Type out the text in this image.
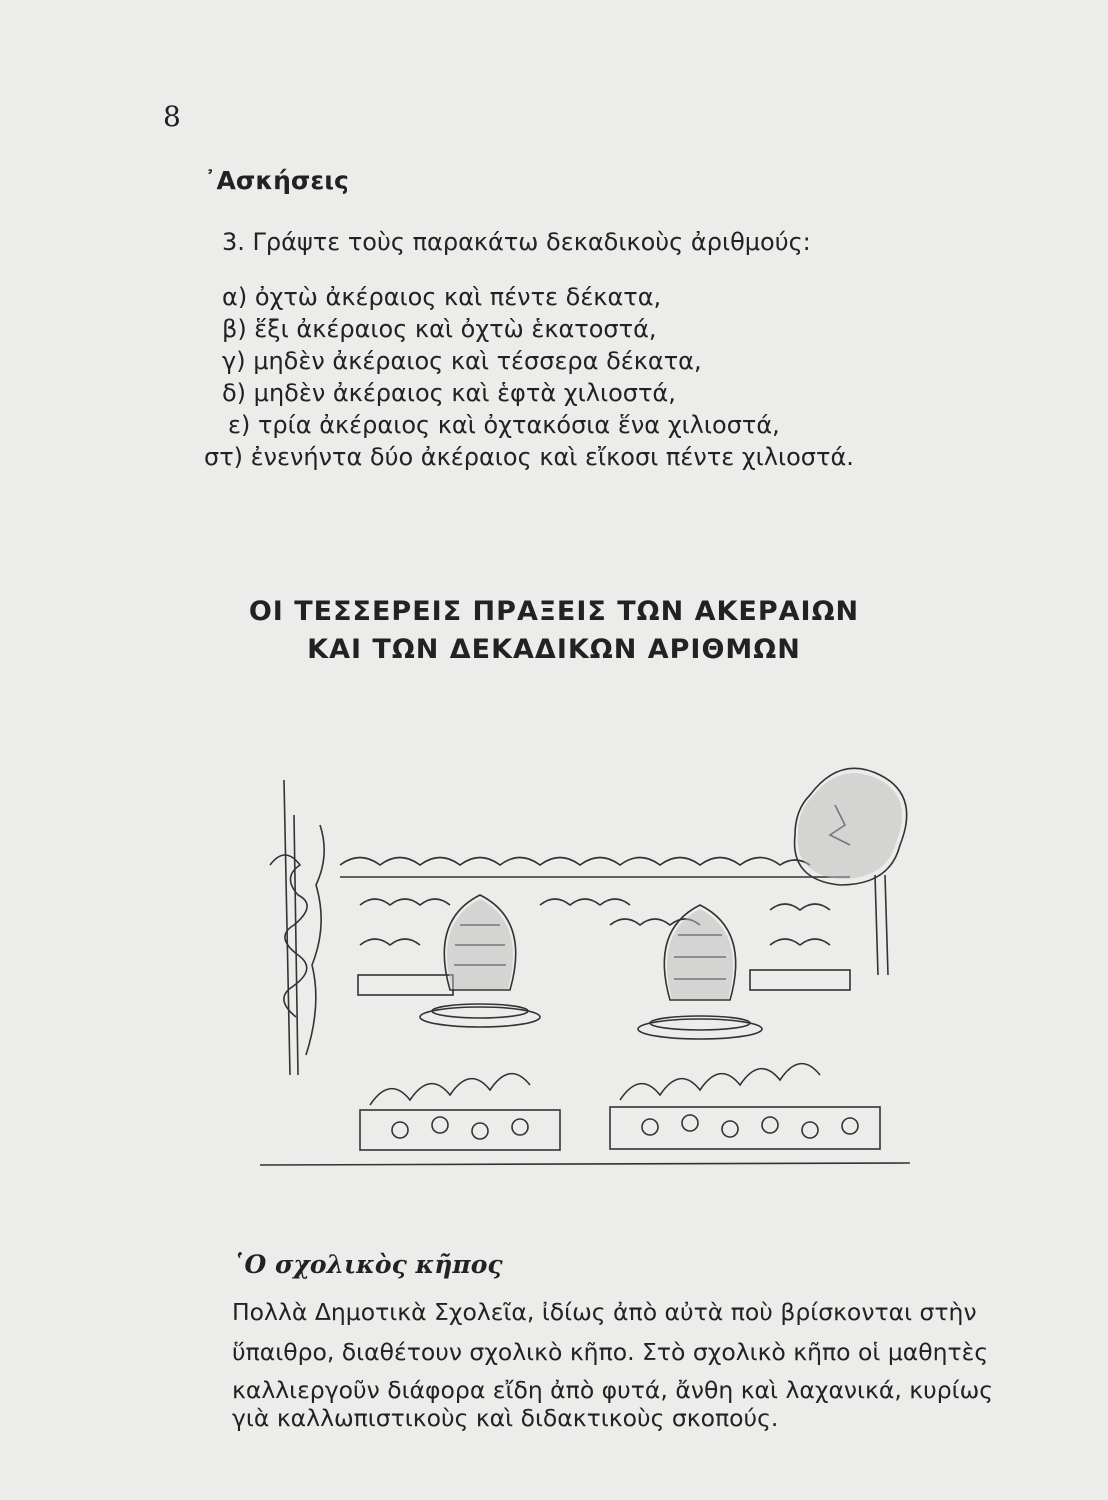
8
᾿Ασκήσεις
3. Γράψτε τοὺς παρακάτω δεκαδικοὺς ἀριθμούς:
α) ὀχτὼ ἀκέραιος καὶ πέντε δέκατα,
β) ἕξι ἀκέραιος καὶ ὀχτὼ ἑκατοστά,
γ) μηδὲν ἀκέραιος καὶ τέσσερα δέκατα,
δ) μηδὲν ἀκέραιος καὶ ἑφτὰ χιλιοστά,
ε) τρία ἀκέραιος καὶ ὀχτακόσια ἕνα χιλιοστά,
στ) ἐνενήντα δύο ἀκέραιος καὶ εἴκοσι πέντε χιλιοστά.
ΟΙ ΤΕΣΣΕΡΕΙΣ ΠΡΑΞΕΙΣ ΤΩΝ ΑΚΕΡΑΙΩΝ
ΚΑΙ ΤΩΝ ΔΕΚΑΔΙΚΩΝ ΑΡΙΘΜΩΝ
῾Ο σχολικὸς κῆπος
Πολλὰ Δημοτικὰ Σχολεῖα, ἰδίως ἀπὸ αὐτὰ ποὺ βρίσκονται στὴν
ὕπαιθρο, διαθέτουν σχολικὸ κῆπο. Στὸ σχολικὸ κῆπο οἱ μαθητὲς
καλλιεργοῦν διάφορα εἴδη ἀπὸ φυτά, ἄνθη καὶ λαχανικά, κυρίως
γιὰ καλλωπιστικοὺς καὶ διδακτικοὺς σκοπούς.
